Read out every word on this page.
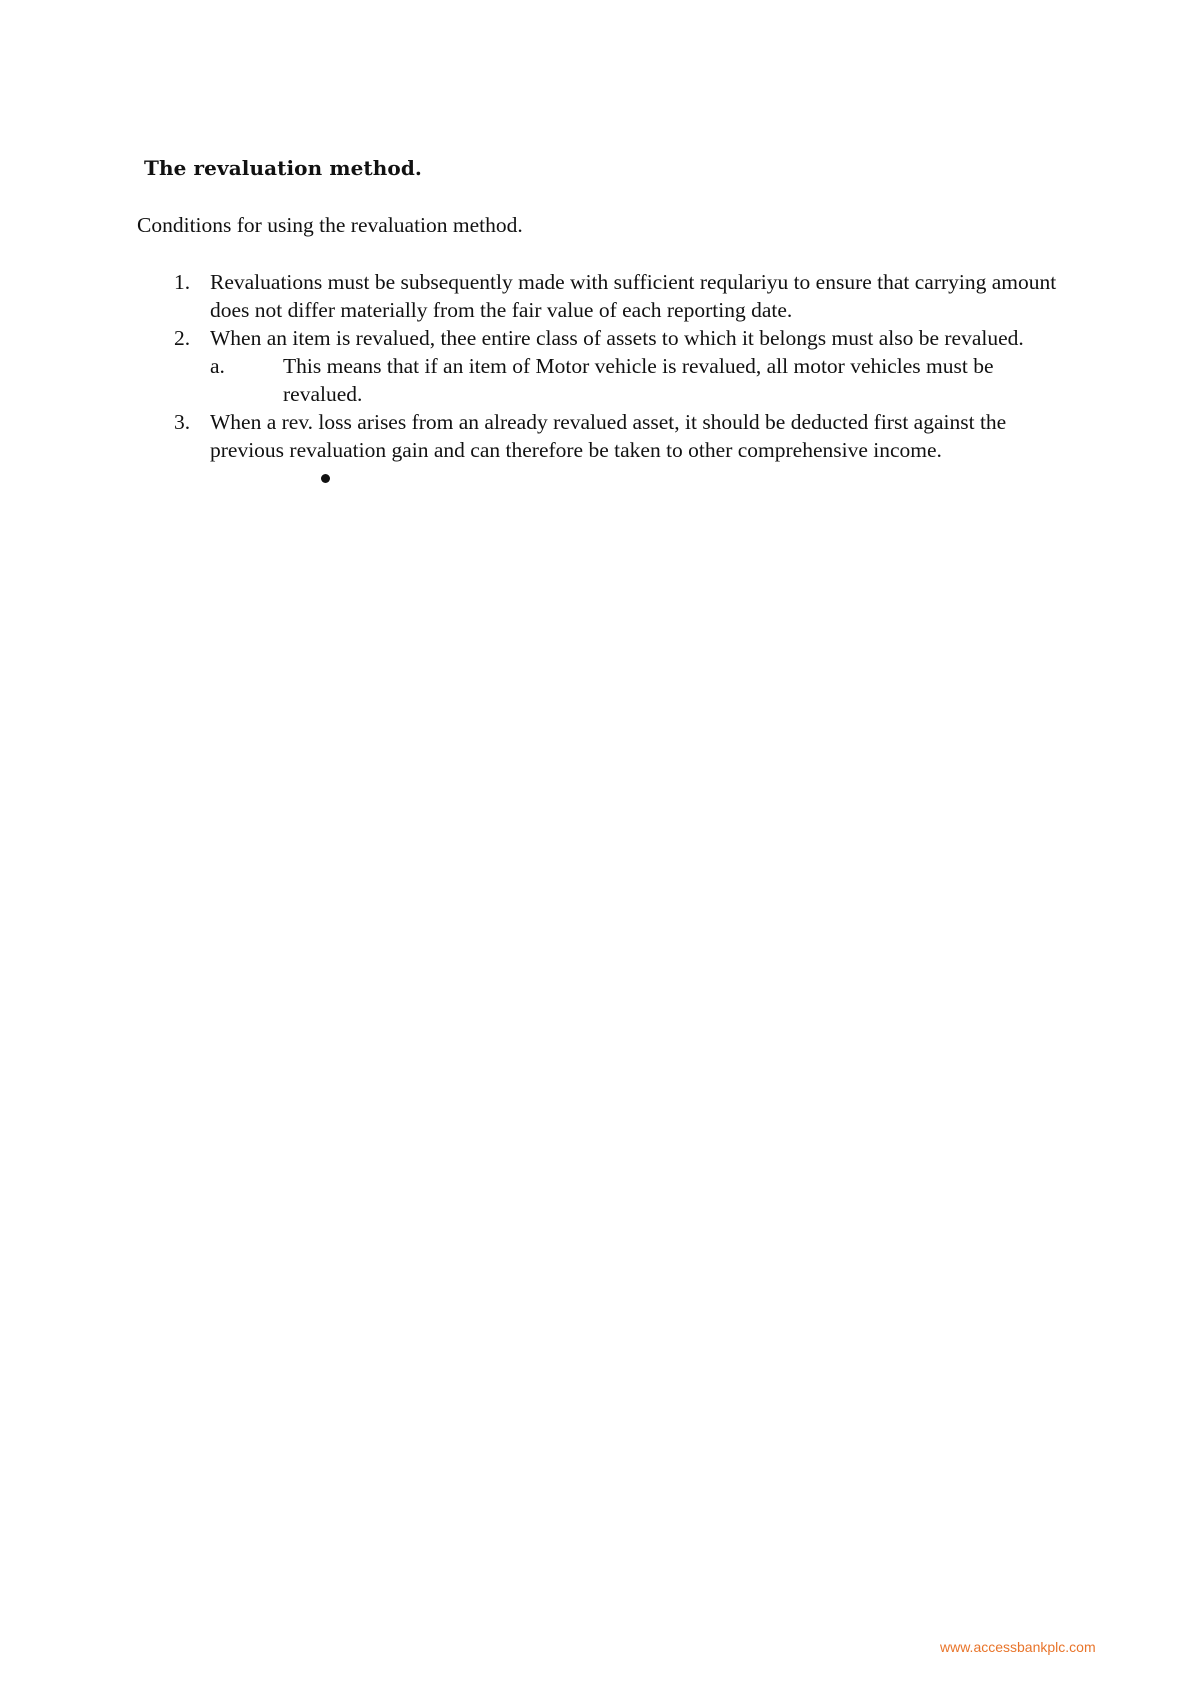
The revaluation method.
Conditions for using the revaluation method.
1. Revaluations must be subsequently made with sufficient reqularіyu to ensure that carrying amount does not differ materially from the fair value of each reporting date.
2. When an item is revalued, thee entire class of assets to which it belongs must also be revalued.
a.	This means that if an item of Motor vehicle is revalued, all motor vehicles must be revalued.
3. When a rev. loss arises from an already revalued asset, it should be deducted first against the previous revaluation gain and can therefore be taken to other comprehensive income.
www.accessbankplc.com
